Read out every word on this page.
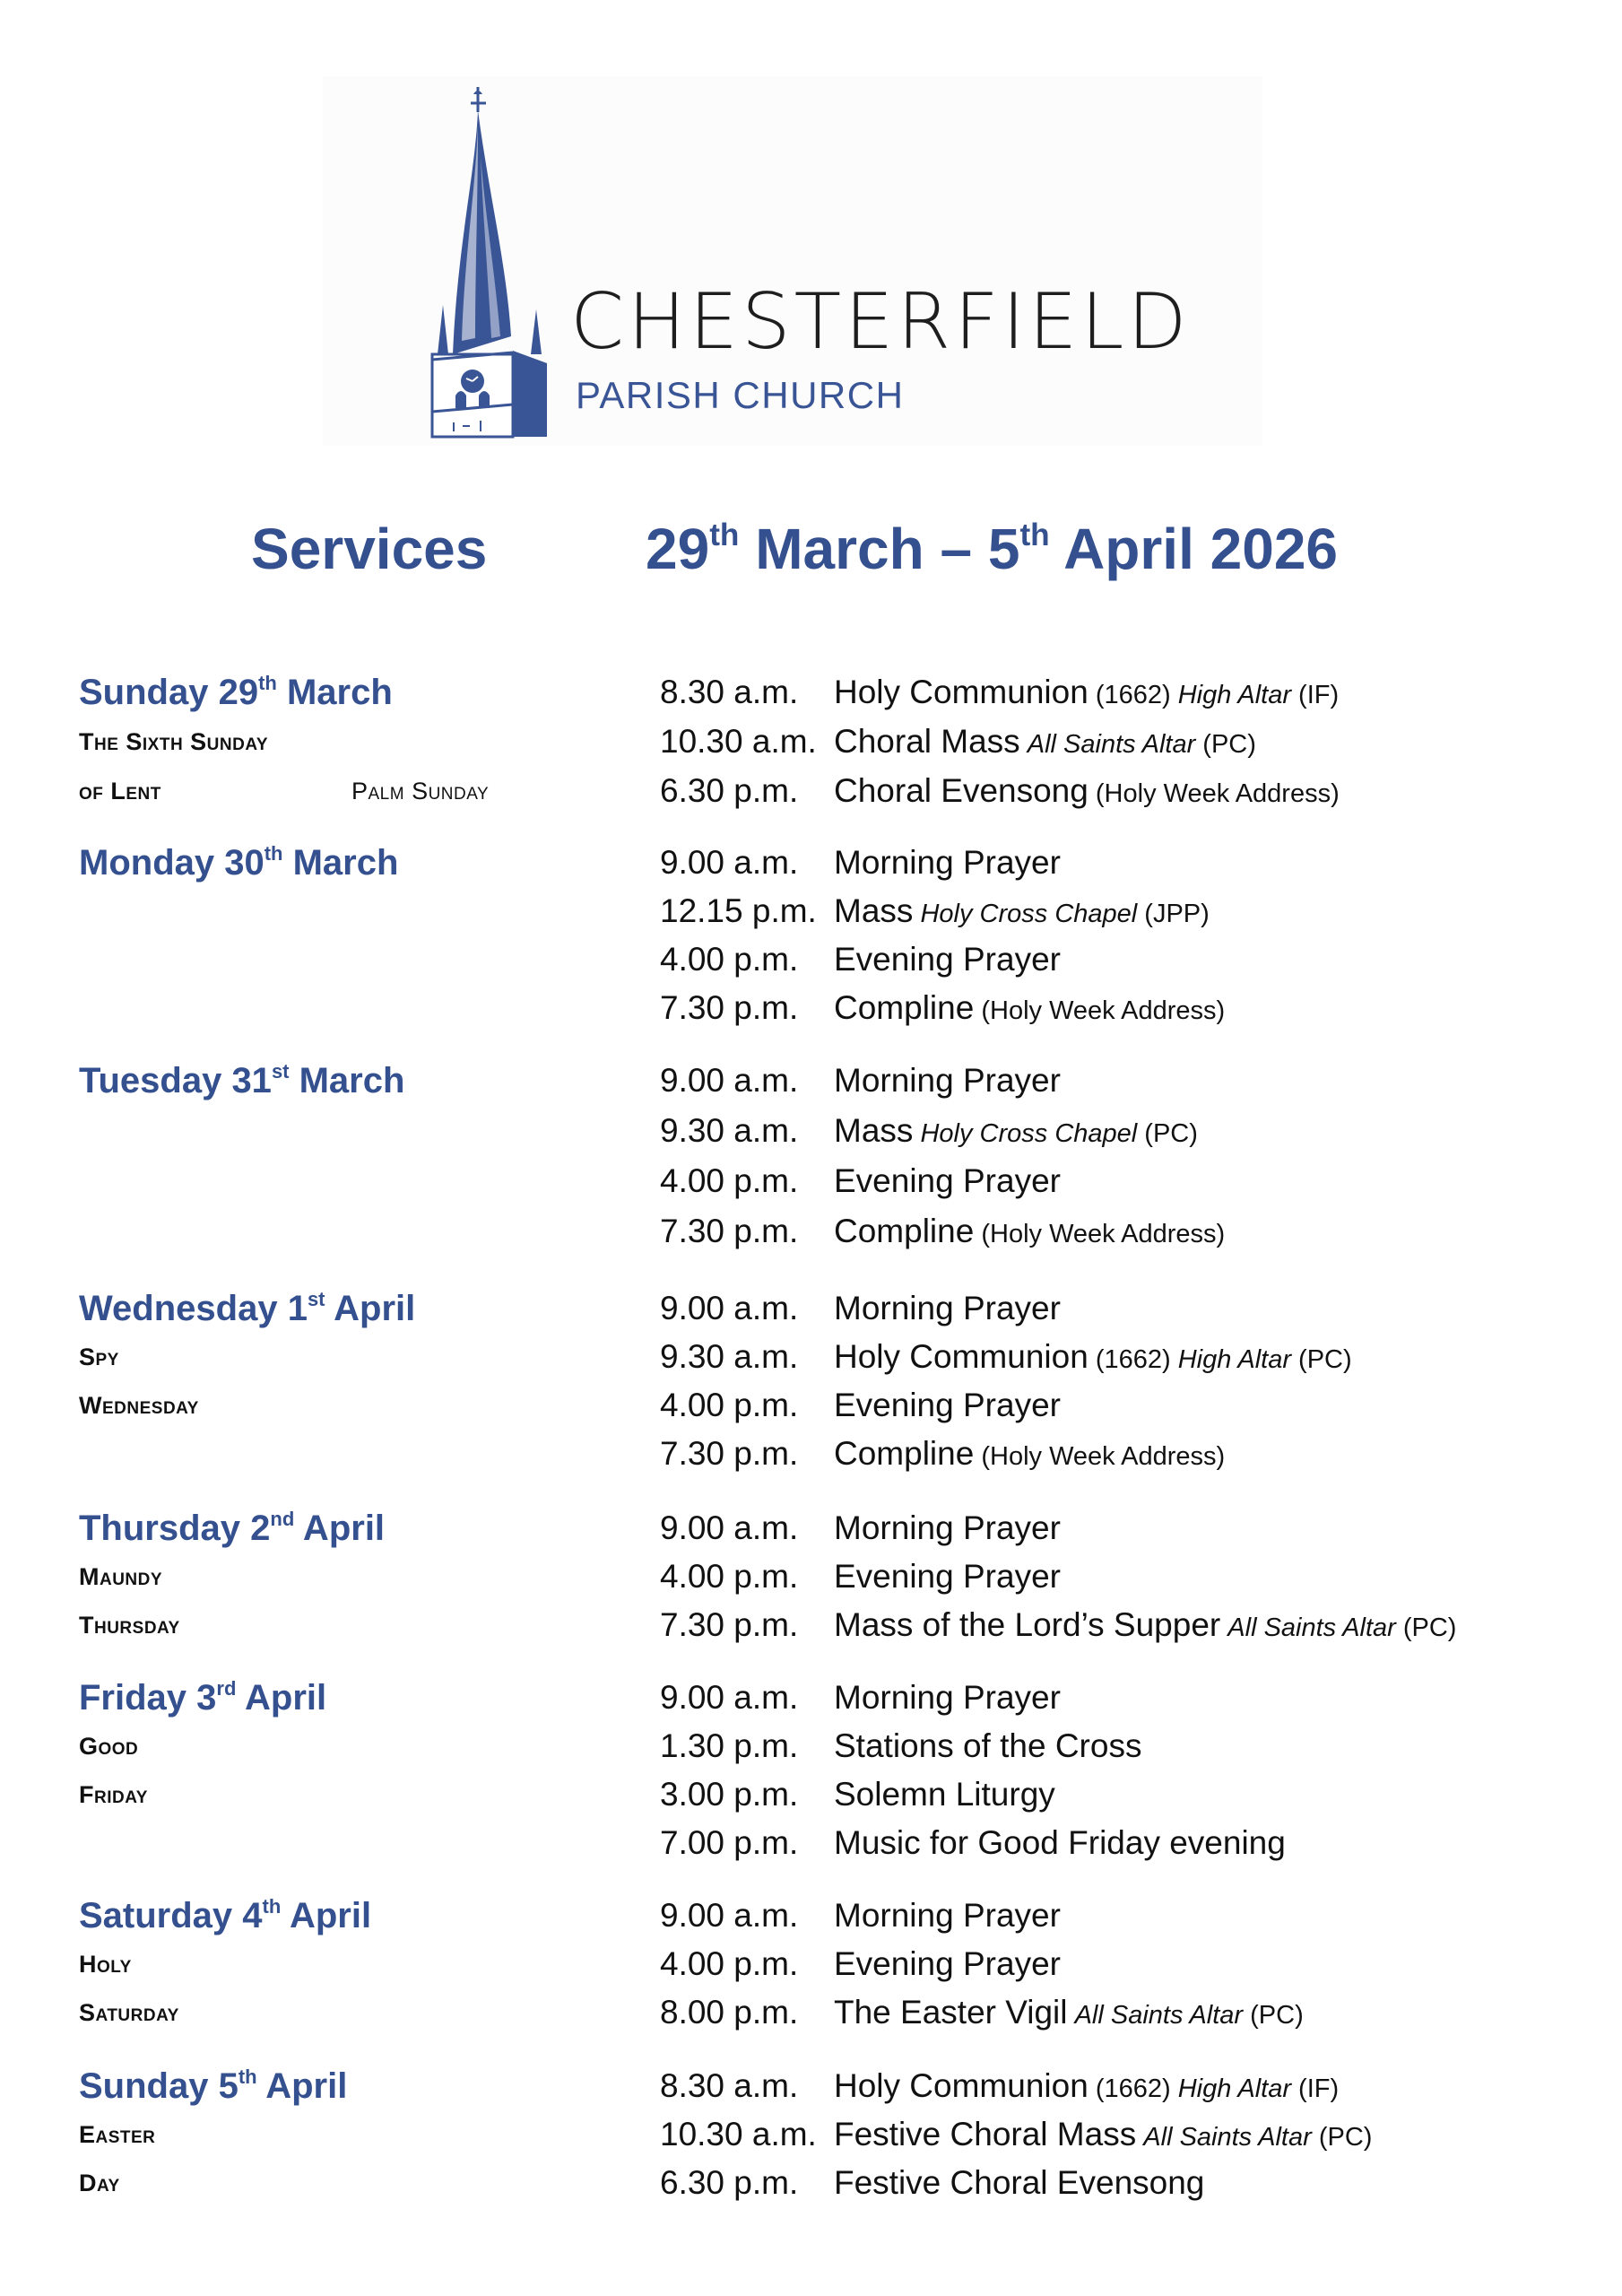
CHESTERFIELD
PARISH CHURCH
Services	29th March – 5th April 2026
Sunday 29th March
The Sixth Sunday
of Lent	Palm Sunday
8.30 a.m. Holy Communion (1662) High Altar (IF)
10.30 a.m. Choral Mass All Saints Altar (PC)
6.30 p.m. Choral Evensong (Holy Week Address)
Monday 30th March	9.00 a.m. Morning Prayer
12.15 p.m. Mass Holy Cross Chapel (JPP)
4.00 p.m. Evening Prayer
7.30 p.m. Compline (Holy Week Address)
Tuesday 31st March	9.00 a.m. Morning Prayer
9.30 a.m. Mass Holy Cross Chapel (PC)
4.00 p.m. Evening Prayer
7.30 p.m. Compline (Holy Week Address)
Wednesday 1st April
Spy
Wednesday
9.00 a.m. Morning Prayer
9.30 a.m. Holy Communion (1662) High Altar (PC)
4.00 p.m. Evening Prayer
7.30 p.m. Compline (Holy Week Address)
Thursday 2nd April
Maundy
Thursday
9.00 a.m. Morning Prayer
4.00 p.m. Evening Prayer
7.30 p.m. Mass of the Lord’s Supper All Saints Altar (PC)
Friday 3rd April
Good
Friday
9.00 a.m. Morning Prayer
1.30 p.m. Stations of the Cross
3.00 p.m. Solemn Liturgy
7.00 p.m. Music for Good Friday evening
Saturday 4th April
Holy
Saturday
9.00 a.m. Morning Prayer
4.00 p.m. Evening Prayer
8.00 p.m. The Easter Vigil All Saints Altar (PC)
Sunday 5th April
Easter
Day
8.30 a.m. Holy Communion (1662) High Altar (IF)
10.30 a.m. Festive Choral Mass All Saints Altar (PC)
6.30 p.m. Festive Choral Evensong
